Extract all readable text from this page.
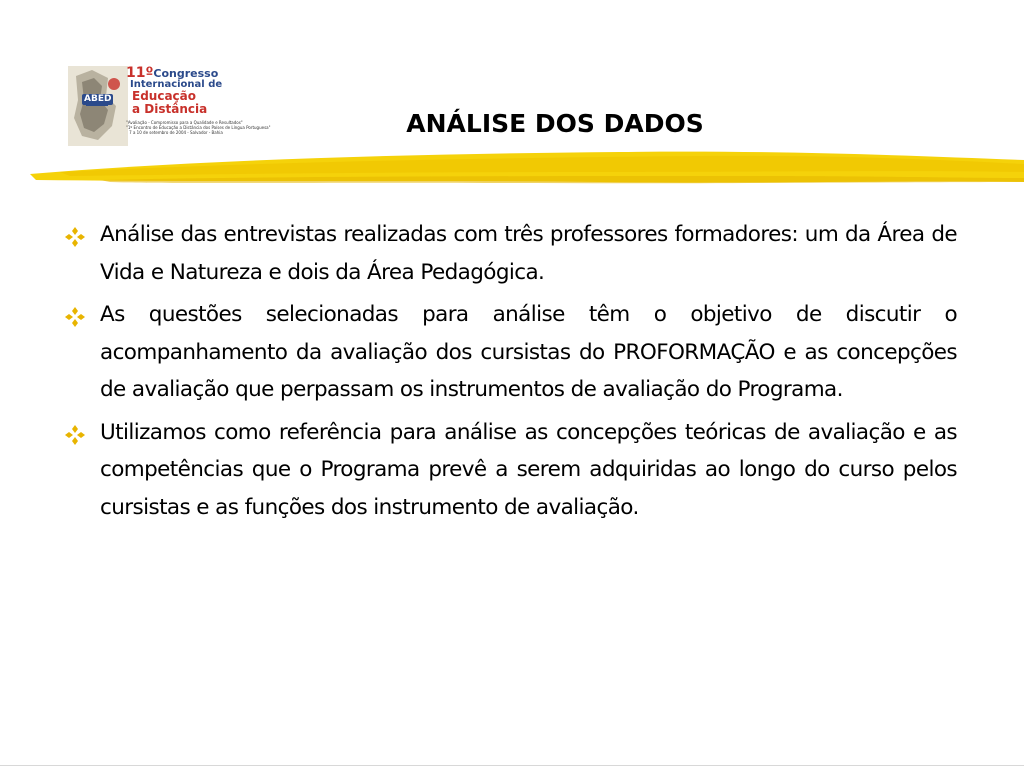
ABED
11ºCongresso
Internacional de
Educação
a Distância
"Avaliação - Compromisso para a Qualidade e Resultados"
"1º Encontro de Educação a Distância dos Países de Língua Portuguesa"
7 a 10 de setembro de 2004 - Salvador - Bahia	ANÁLISE DOS DADOS
Análise das entrevistas realizadas com três professores formadores: um da Área de Vida e Natureza e dois da Área Pedagógica.
As questões selecionadas para análise têm o objetivo de discutir o acompanhamento da avaliação dos cursistas do PROFORMAÇÃO e as concepções de avaliação que perpassam os instrumentos de avaliação do Programa.
Utilizamos como referência para análise as concepções teóricas de avaliação e as competências que o Programa prevê a serem adquiridas ao longo do curso pelos cursistas e as funções dos instrumento de avaliação.
